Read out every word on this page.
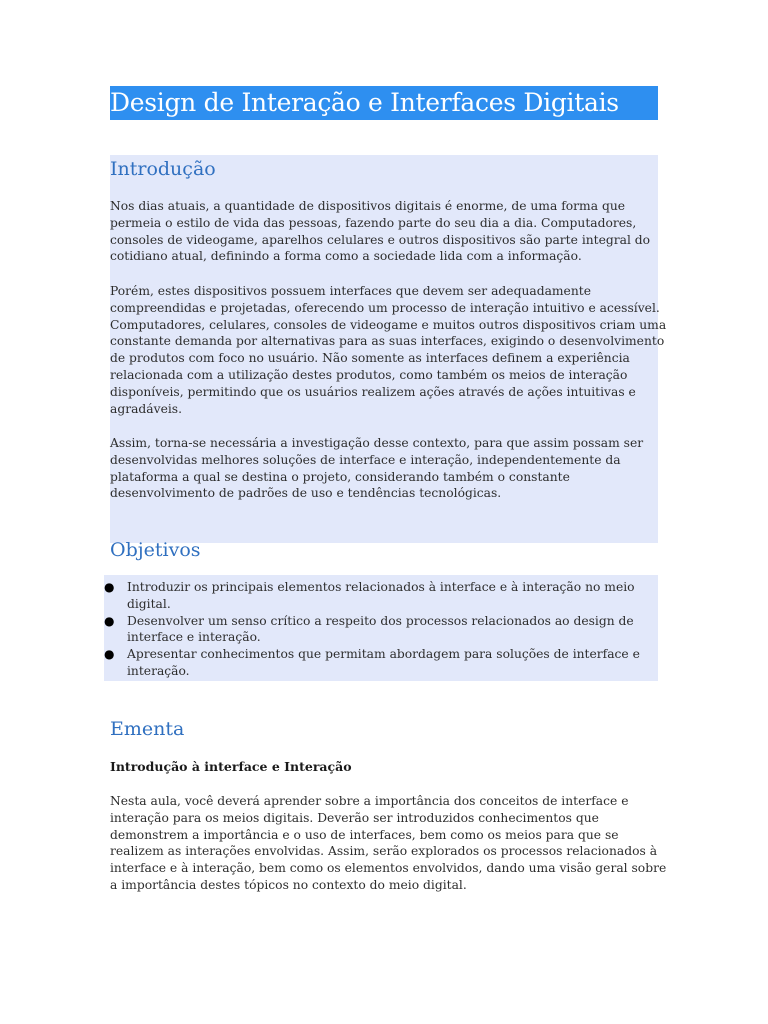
Design de Interação e Interfaces Digitais
Introdução

Nos dias atuais, a quantidade de dispositivos digitais é enorme, de uma forma que permeia o estilo de vida das pessoas, fazendo parte do seu dia a dia. Computadores, consoles de videogame, aparelhos celulares e outros dispositivos são parte integral do cotidiano atual, definindo a forma como a sociedade lida com a informação.

Porém, estes dispositivos possuem interfaces que devem ser adequadamente compreendidas e projetadas, oferecendo um processo de interação intuitivo e acessível. Computadores, celulares, consoles de videogame e muitos outros dispositivos criam uma constante demanda por alternativas para as suas interfaces, exigindo o desenvolvimento de produtos com foco no usuário. Não somente as interfaces definem a experiência relacionada com a utilização destes produtos, como também os meios de interação disponíveis, permitindo que os usuários realizem ações através de ações intuitivas e agradáveis.

Assim, torna-se necessária a investigação desse contexto, para que assim possam ser desenvolvidas melhores soluções de interface e interação, independentemente da plataforma a qual se destina o projeto, considerando também o constante desenvolvimento de padrões de uso e tendências tecnológicas.

Objetivos
● Introduzir os principais elementos relacionados à interface e à interação no meio digital.
● Desenvolver um senso crítico a respeito dos processos relacionados ao design de interface e interação.
● Apresentar conhecimentos que permitam abordagem para soluções de interface e interação.
Ementa
Introdução à interface e Interação

Nesta aula, você deverá aprender sobre a importância dos conceitos de interface e interação para os meios digitais. Deverão ser introduzidos conhecimentos que demonstrem a importância e o uso de interfaces, bem como os meios para que se realizem as interações envolvidas. Assim, serão explorados os processos relacionados à interface e à interação, bem como os elementos envolvidos, dando uma visão geral sobre a importância destes tópicos no contexto do meio digital.
